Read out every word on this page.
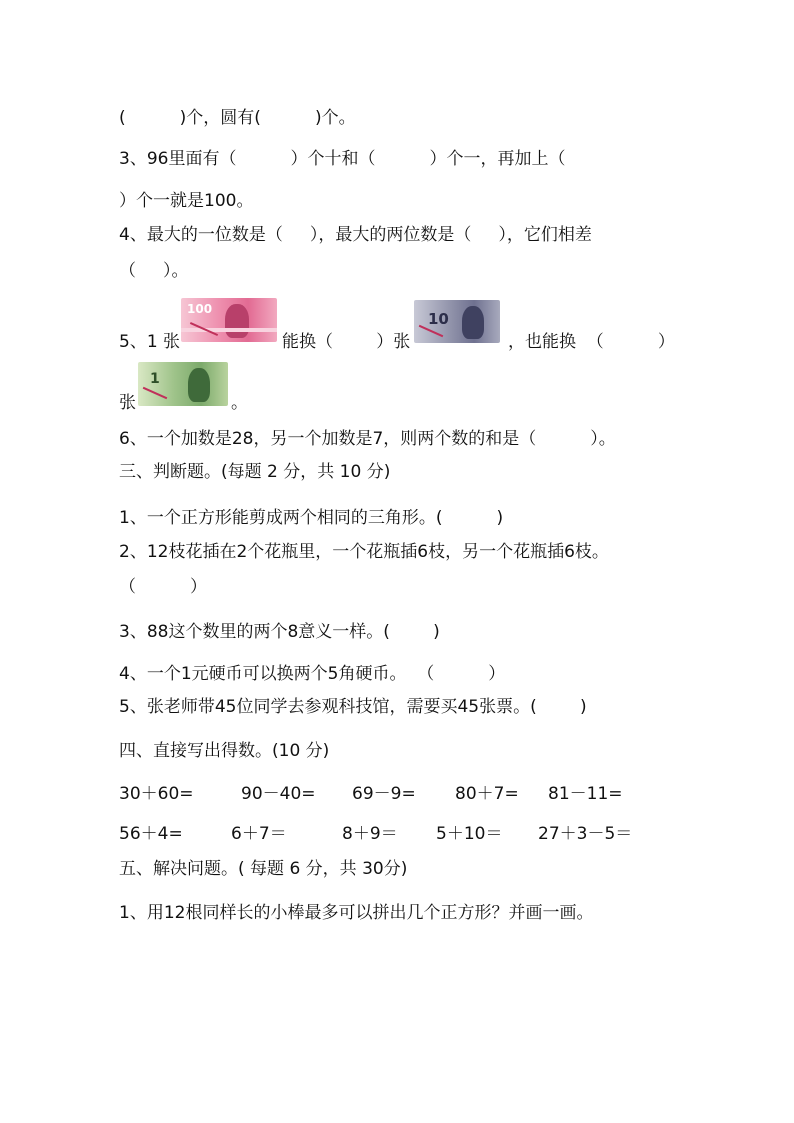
(          )个，圆有(          )个。
3、96里面有（          ）个十和（          ）个一，再加上（
）个一就是100。
4、最大的一位数是（     ），最大的两位数是（     ），它们相差
（     ）。
5、1 张
100
能换（        ）张
10
，也能换  （          ）
1
张	。
6、一个加数是28，另一个加数是7，则两个数的和是（          ）。
三、判断题。(每题 2 分，共 10 分)
1、一个正方形能剪成两个相同的三角形。(          )
2、12枝花插在2个花瓶里，一个花瓶插6枝，另一个花瓶插6枝。
（          ）
3、88这个数里的两个8意义一样。(        )
4、一个1元硬币可以换两个5角硬币。  （          ）
5、张老师带45位同学去参观科技馆，需要买45张票。(        )
四、直接写出得数。(10 分)
30＋60=	90－40= 69－9= 80＋7= 81－11=
56＋4=	6＋7＝	8＋9＝ 5＋10＝ 27＋3－5＝
五、解决问题。( 每题 6 分，共 30分)
1、用12根同样长的小棒最多可以拼出几个正方形？并画一画。
